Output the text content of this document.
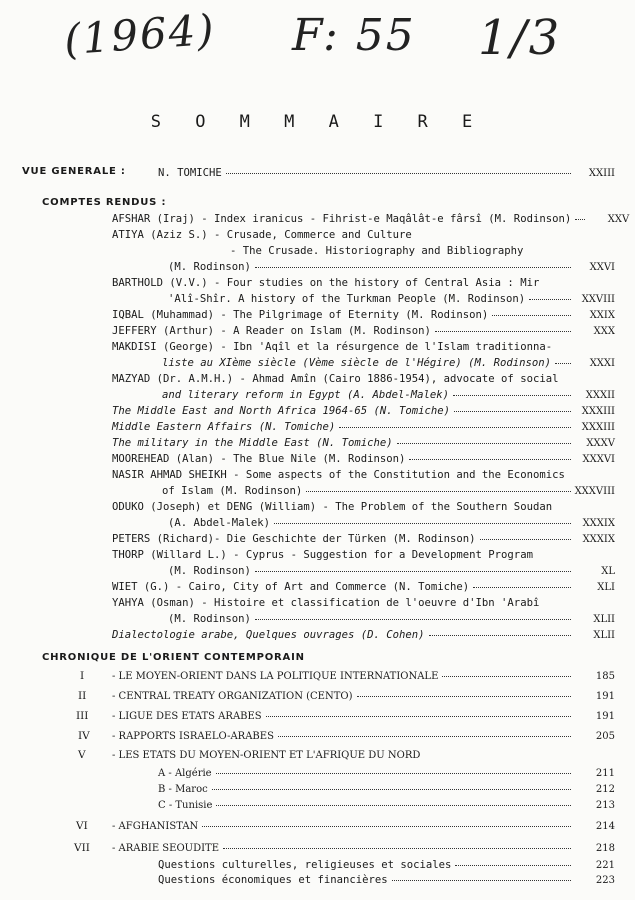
(1964) F: 55 1/3
S O M M A I R E
VUE GENERALE :	N. TOMICHE	XXIII
COMPTES RENDUS :
AFSHAR (Iraj) - Index iranicus - Fihrist-e Maqâlât-e fârsî (M. Rodinson)	XXV
ATIYA (Aziz S.) - Crusade, Commerce and Culture
- The Crusade. Historiography and Bibliography
(M. Rodinson)	XXVI
BARTHOLD (V.V.) - Four studies on the history of Central Asia : Mir
'Alî-Shîr. A history of the Turkman People (M. Rodinson)	XXVIII
IQBAL (Muhammad) - The Pilgrimage of Eternity (M. Rodinson)	XXIX
JEFFERY (Arthur) - A Reader on Islam (M. Rodinson)	XXX
MAKDISI (George) - Ibn 'Aqîl et la résurgence de l'Islam traditionna-
liste au XIème siècle (Vème siècle de l'Hégire) (M. Rodinson)	XXXI
MAZYAD (Dr. A.M.H.) - Ahmad Amîn (Cairo 1886-1954), advocate of social
and literary reform in Egypt (A. Abdel-Malek)	XXXII
The Middle East and North Africa 1964-65 (N. Tomiche)	XXXIII
Middle Eastern Affairs (N. Tomiche)	XXXIII
The military in the Middle East (N. Tomiche)	XXXV
MOOREHEAD (Alan) - The Blue Nile (M. Rodinson)	XXXVI
NASIR AHMAD SHEIKH - Some aspects of the Constitution and the Economics
of Islam (M. Rodinson)	XXXVIII
ODUKO (Joseph) et DENG (William) - The Problem of the Southern Soudan
(A. Abdel-Malek)	XXXIX
PETERS (Richard)- Die Geschichte der Türken (M. Rodinson)	XXXIX
THORP (Willard L.) - Cyprus - Suggestion for a Development Program
(M. Rodinson)	XL
WIET (G.) - Cairo, City of Art and Commerce (N. Tomiche)	XLI
YAHYA (Osman) - Histoire et classification de l'oeuvre d'Ibn 'Arabî
(M. Rodinson)	XLII
Dialectologie arabe, Quelques ouvrages (D. Cohen)	XLII
CHRONIQUE DE L'ORIENT CONTEMPORAIN
I	- LE MOYEN-ORIENT DANS LA POLITIQUE INTERNATIONALE	185
II	- CENTRAL TREATY ORGANIZATION (CENTO)	191
III - LIGUE DES ETATS ARABES	191
IV - RAPPORTS ISRAELO-ARABES	205
V	- LES ETATS DU MOYEN-ORIENT ET L'AFRIQUE DU NORD
A - Algérie	211
B - Maroc	212
C - Tunisie	213
VI - AFGHANISTAN	214
VII - ARABIE SEOUDITE	218
Questions culturelles, religieuses et sociales	221
Questions économiques et financières	223
